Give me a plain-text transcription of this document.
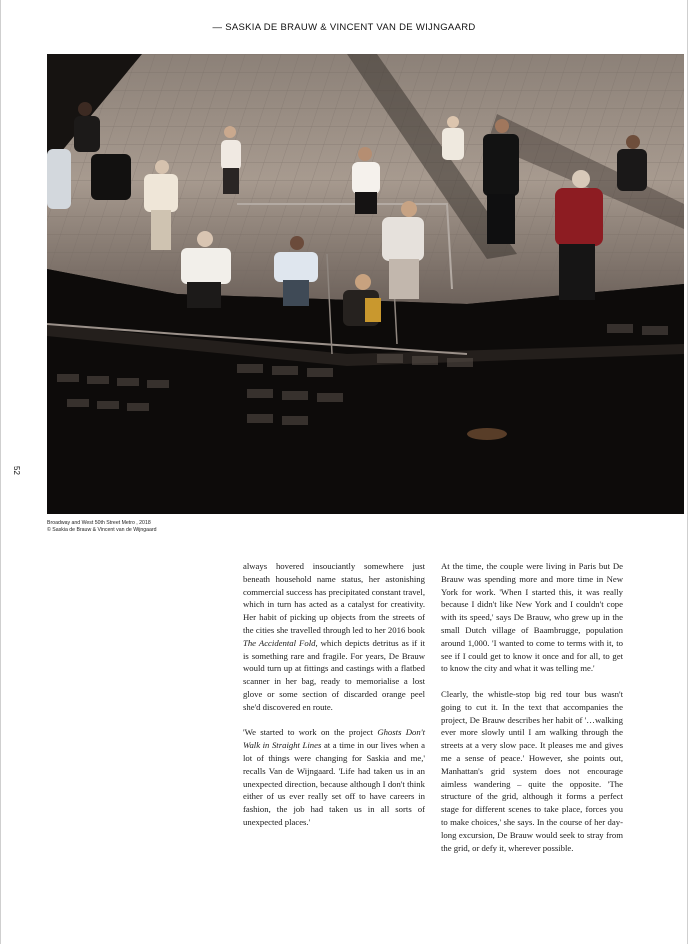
— SASKIA DE BRAUW & VINCENT VAN DE WIJNGAARD
52
Broadway and West 50th Street Metro , 2018
© Saskia de Brauw & Vincent van de Wijngaard

always hovered insouciantly somewhere just beneath household name status, her astonishing commercial success has precipitated constant travel, which in turn has acted as a catalyst for creativity. Her habit of picking up objects from the streets of the cities she travelled through led to her 2016 book The Accidental Fold, which depicts detritus as if it is something rare and fragile. For years, De Brauw would turn up at fittings and castings with a flatbed scanner in her bag, ready to memorialise a lost glove or some section of discarded orange peel she'd discovered en route.

'We started to work on the project Ghosts Don't Walk in Straight Lines at a time in our lives when a lot of things were changing for Saskia and me,' recalls Van de Wijngaard. 'Life had taken us in an unexpected direction, because although I don't think either of us ever really set off to have careers in fashion, the job had taken us in all sorts of unexpected places.'

At the time, the couple were living in Paris but De Brauw was spending more and more time in New York for work. 'When I started this, it was really because I didn't like New York and I couldn't cope with its speed,' says De Brauw, who grew up in the small Dutch village of Baambrugge, population around 1,000. 'I wanted to come to terms with it, to see if I could get to know it once and for all, to get to know the city and what it was telling me.'

Clearly, the whistle-stop big red tour bus wasn't going to cut it. In the text that accompanies the project, De Brauw describes her habit of '…walking ever more slowly until I am walking through the streets at a very slow pace. It pleases me and gives me a sense of peace.' However, she points out, Manhattan's grid system does not encourage aimless wandering – quite the opposite. 'The structure of the grid, although it forms a perfect stage for different scenes to take place, forces you to make choices,' she says. In the course of her day-long excursion, De Brauw would seek to stray from the grid, or defy it, wherever possible.
